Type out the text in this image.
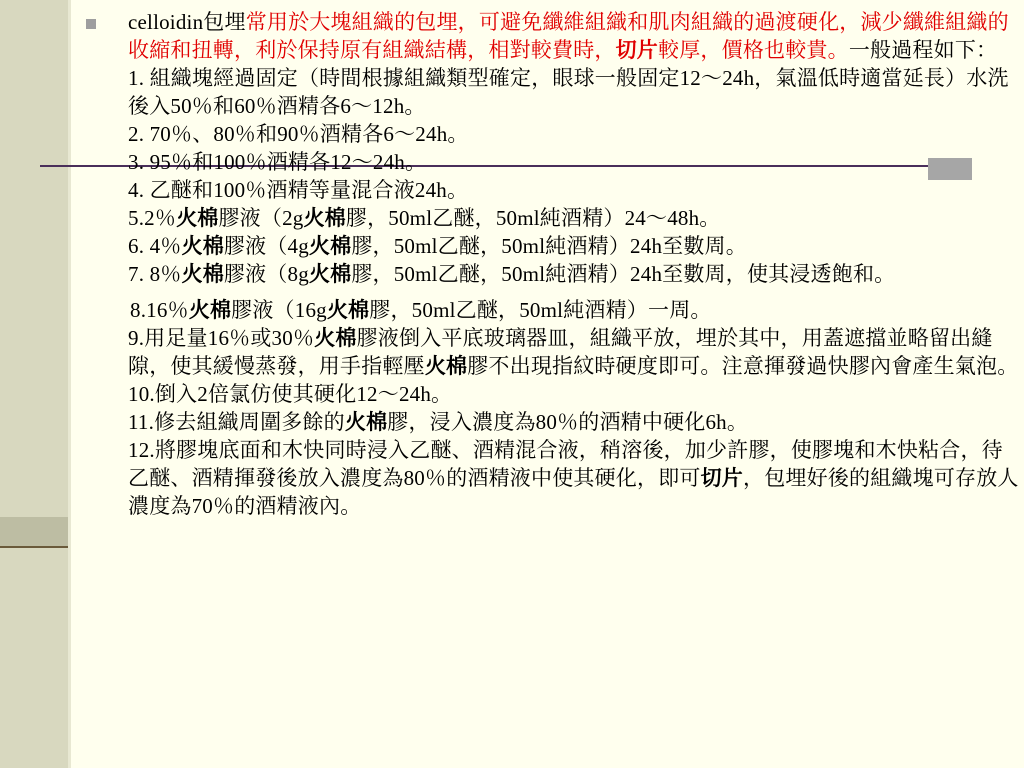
celloidin包埋常用於大塊組織的包埋，可避免纖維組織和肌肉組織的過渡硬化，減少纖維組織的收縮和扭轉，利於保持原有組織結構，相對較費時，切片較厚，價格也較貴。一般過程如下：

1. 組織塊經過固定（時間根據組織類型確定，眼球一般固定12～24h，氣溫低時適當延長）水洗後入50％和60％酒精各6～12h。

2. 70％、80％和90％酒精各6～24h。

3. 95％和100％酒精各12～24h。

4. 乙醚和100％酒精等量混合液24h。

5.2％火棉膠液（2g火棉膠，50ml乙醚，50ml純酒精）24～48h。

6. 4％火棉膠液（4g火棉膠，50ml乙醚，50ml純酒精）24h至數周。

7. 8％火棉膠液（8g火棉膠，50ml乙醚，50ml純酒精）24h至數周，使其浸透飽和。

8.16％火棉膠液（16g火棉膠，50ml乙醚，50ml純酒精）一周。

9.用足量16％或30％火棉膠液倒入平底玻璃器皿，組織平放，埋於其中，用蓋遮擋並略留出縫隙，使其緩慢蒸發，用手指輕壓火棉膠不出現指紋時硬度即可。注意揮發過快膠內會產生氣泡。

10.倒入2倍氯仿使其硬化12～24h。

11.修去組織周圍多餘的火棉膠，浸入濃度為80％的酒精中硬化6h。

12.將膠塊底面和木快同時浸入乙醚、酒精混合液，稍溶後，加少許膠，使膠塊和木快粘合，待乙醚、酒精揮發後放入濃度為80％的酒精液中使其硬化，即可切片，包埋好後的組織塊可存放人濃度為70％的酒精液內。
